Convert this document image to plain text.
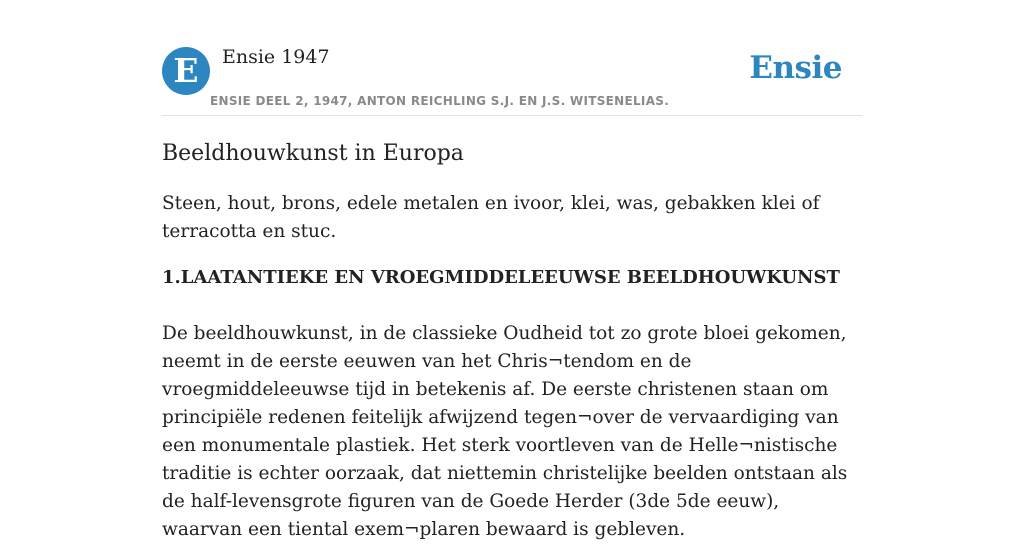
E	Ensie 1947
ENSIE DEEL 2, 1947, ANTON REICHLING S.J. EN J.S. WITSENELIAS.
Ensie
Beeldhouwkunst in Europa

Steen, hout, brons, edele metalen en ivoor, klei, was, gebakken klei of terracotta en stuc.

1.LAATANTIEKE EN VROEGMIDDELEEUWSE BEELDHOUWKUNST

De beeldhouwkunst, in de classieke Oudheid tot zo grote bloei gekomen, neemt in de eerste eeuwen van het Chris¬tendom en de vroegmiddeleeuwse tijd in betekenis af. De eerste christenen staan om principiële redenen feitelijk afwijzend tegen¬over de vervaardiging van een monumentale plastiek. Het sterk voortleven van de Helle¬nistische traditie is echter oorzaak, dat niettemin christelijke beelden ontstaan als de half-levensgrote figuren van de Goede Herder (3de 5de eeuw), waarvan een tiental exem¬plaren bewaard is gebleven.
